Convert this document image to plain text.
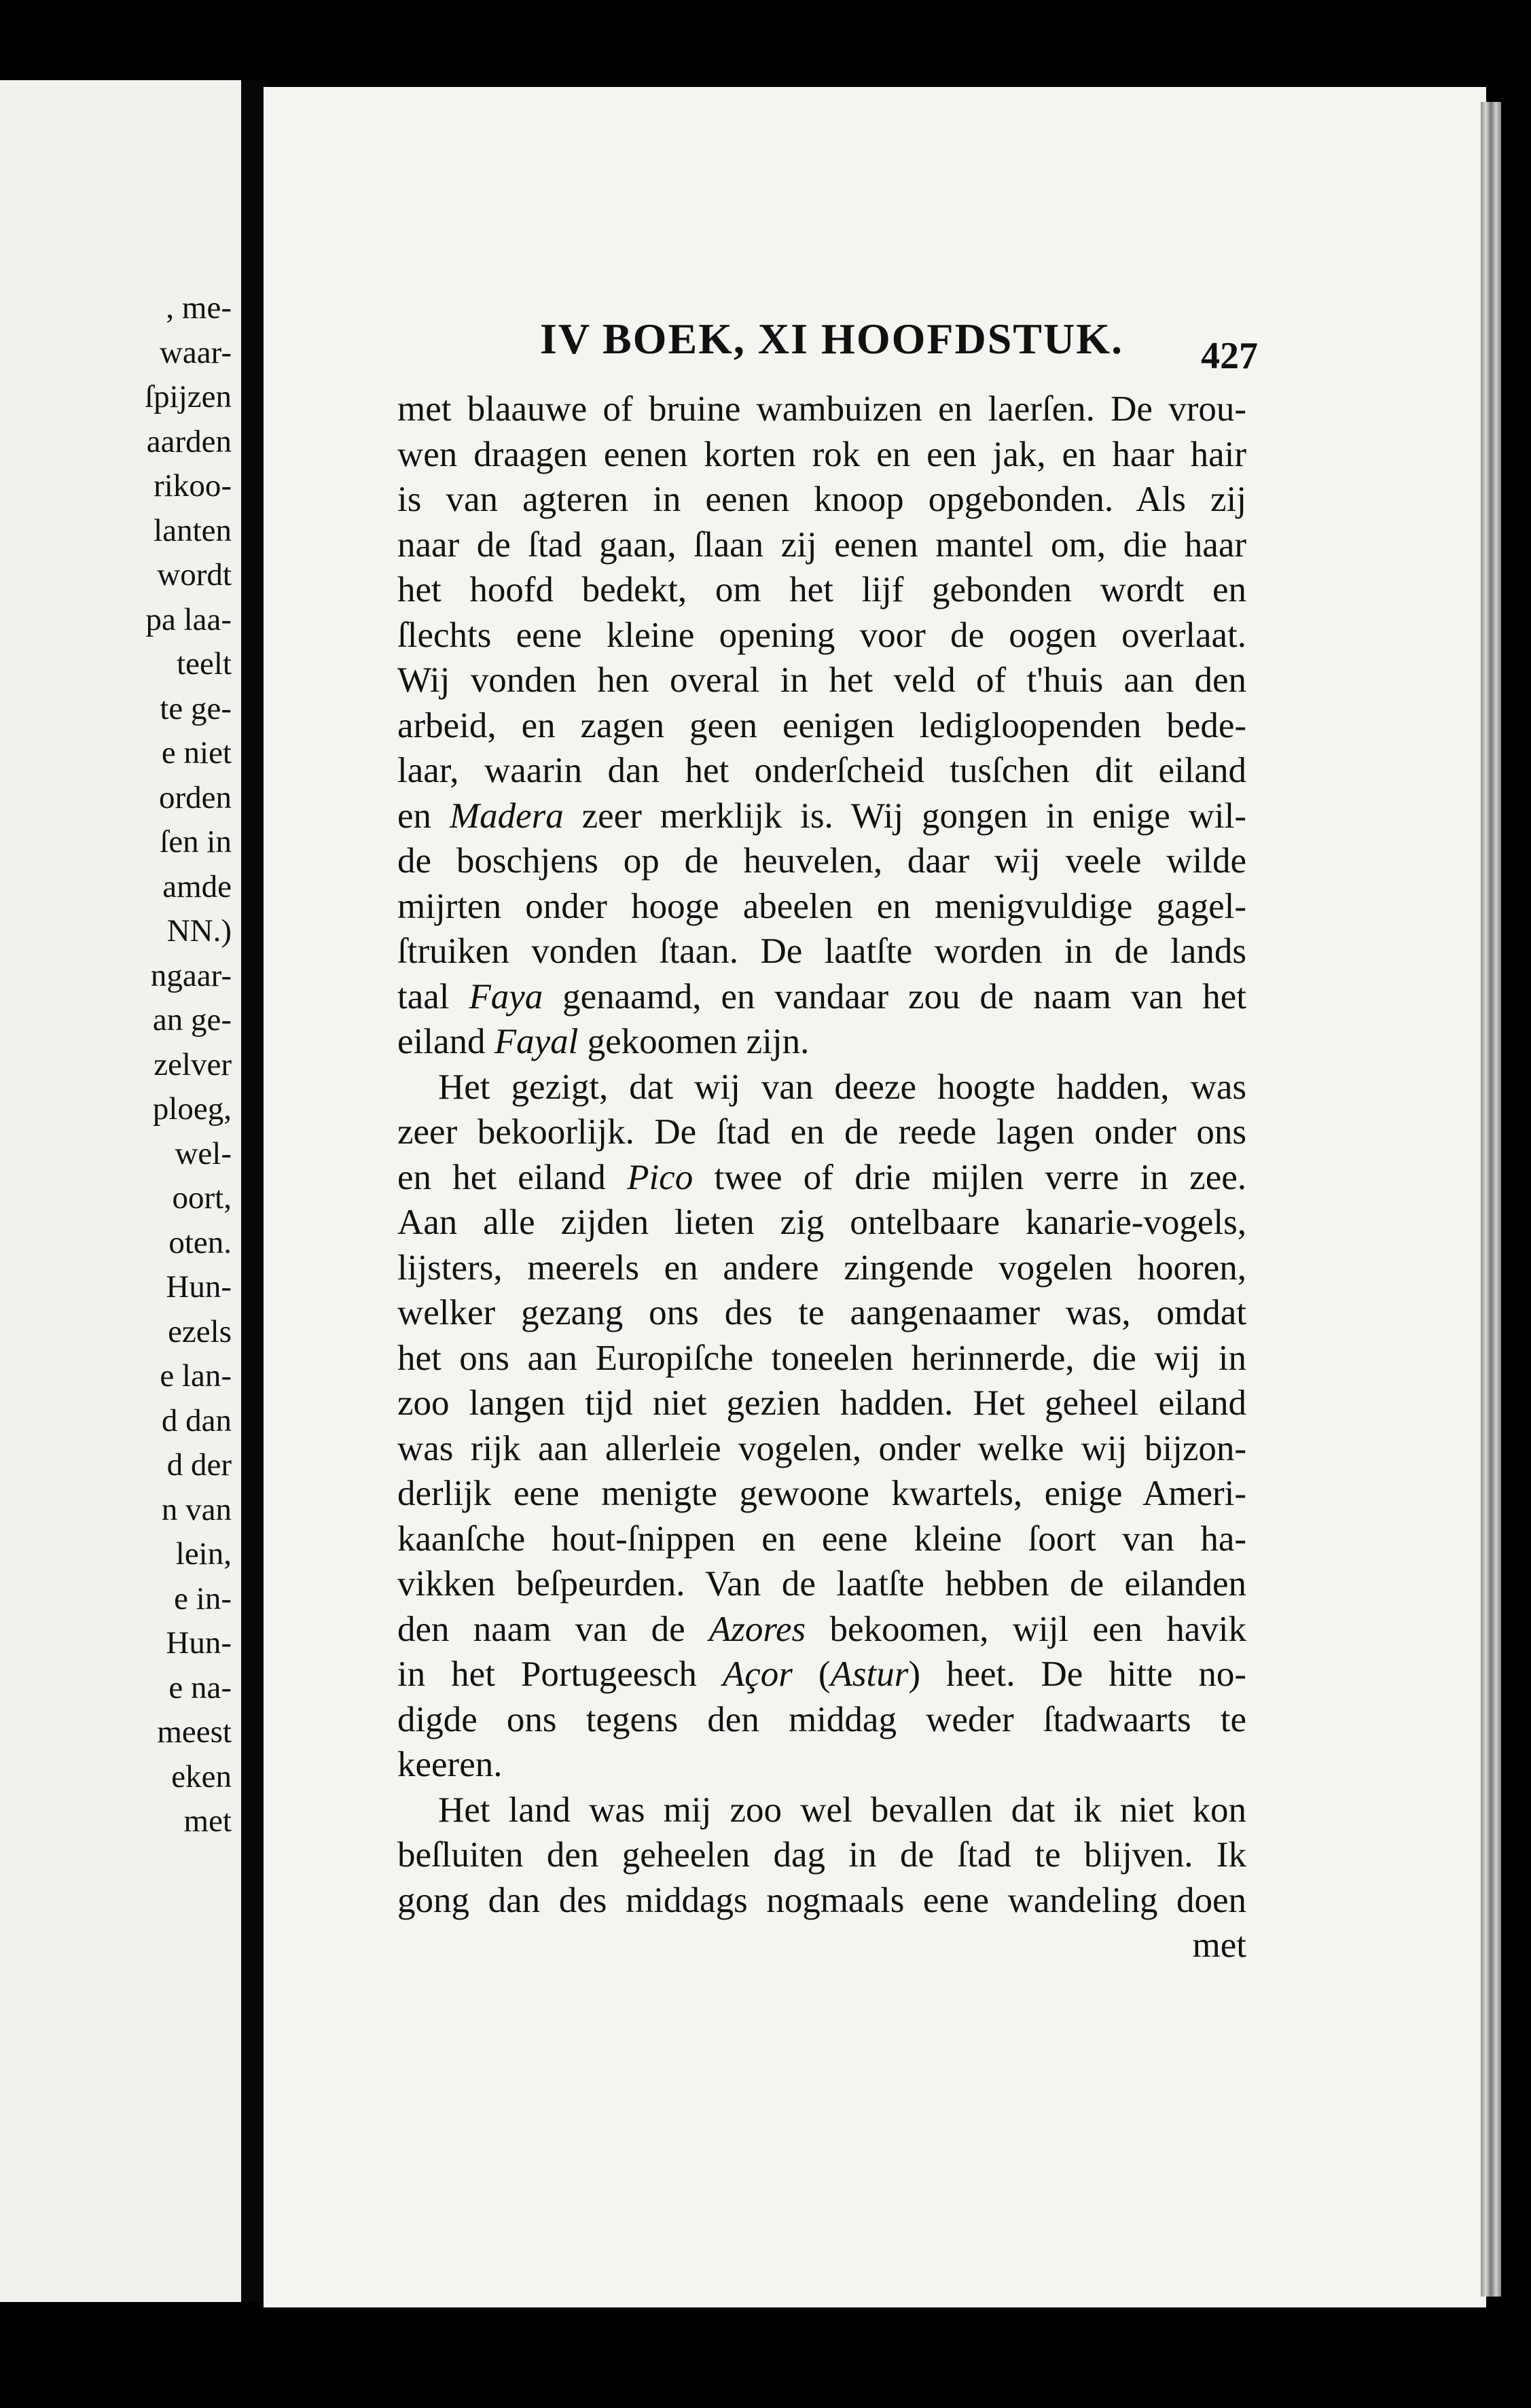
, me-
waar-
ſpijzen
aarden
rikoo-
lanten
wordt
pa laa-
teelt
te ge-
e niet
orden
ſen in
amde
NN.)
ngaar-
an ge-
zelver
ploeg,
wel-
oort,
oten.
Hun-
ezels
e lan-
d dan
d der
n van
lein,
e in-
Hun-
e na-
meest
eken
met
IV BOEK, XI HOOFDSTUK. 427
met blaauwe of bruine wambuizen en laerſen. De vrou-
wen draagen eenen korten rok en een jak, en haar hair
is van agteren in eenen knoop opgebonden. Als zij
naar de ſtad gaan, ſlaan zij eenen mantel om, die haar
het hoofd bedekt, om het lijf gebonden wordt en
ſlechts eene kleine opening voor de oogen overlaat.
Wij vonden hen overal in het veld of t'huis aan den
arbeid, en zagen geen eenigen ledigloopenden bede-
laar, waarin dan het onderſcheid tusſchen dit eiland
en Madera zeer merklijk is. Wij gongen in enige wil-
de boschjens op de heuvelen, daar wij veele wilde
mijrten onder hooge abeelen en menigvuldige gagel-
ſtruiken vonden ſtaan. De laatſte worden in de lands
taal Faya genaamd, en vandaar zou de naam van het
eiland Fayal gekoomen zijn.
Het gezigt, dat wij van deeze hoogte hadden, was
zeer bekoorlijk. De ſtad en de reede lagen onder ons
en het eiland Pico twee of drie mijlen verre in zee.
Aan alle zijden lieten zig ontelbaare kanarie-vogels,
lijsters, meerels en andere zingende vogelen hooren,
welker gezang ons des te aangenaamer was, omdat
het ons aan Europiſche toneelen herinnerde, die wij in
zoo langen tijd niet gezien hadden. Het geheel eiland
was rijk aan allerleie vogelen, onder welke wij bijzon-
derlijk eene menigte gewoone kwartels, enige Ameri-
kaanſche hout-ſnippen en eene kleine ſoort van ha-
vikken beſpeurden. Van de laatſte hebben de eilanden
den naam van de Azores bekoomen, wijl een havik
in het Portugeesch Açor (Astur) heet. De hitte no-
digde ons tegens den middag weder ſtadwaarts te
keeren.
Het land was mij zoo wel bevallen dat ik niet kon
beſluiten den geheelen dag in de ſtad te blijven. Ik
gong dan des middags nogmaals eene wandeling doen
met
